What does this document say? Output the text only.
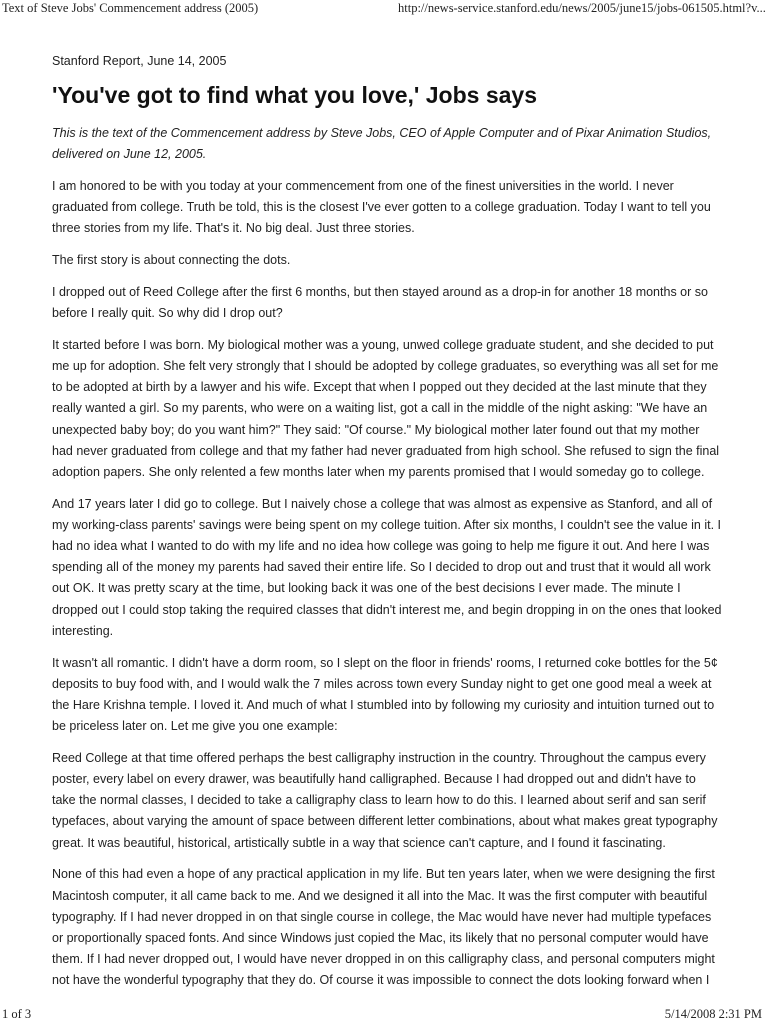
Text of Steve Jobs' Commencement address (2005)	http://news-service.stanford.edu/news/2005/june15/jobs-061505.html?v...

Stanford Report, June 14, 2005

'You've got to find what you love,' Jobs says

This is the text of the Commencement address by Steve Jobs, CEO of Apple Computer and of Pixar Animation Studios, delivered on June 12, 2005.

I am honored to be with you today at your commencement from one of the finest universities in the world. I never graduated from college. Truth be told, this is the closest I've ever gotten to a college graduation. Today I want to tell you three stories from my life. That's it. No big deal. Just three stories.

The first story is about connecting the dots.

I dropped out of Reed College after the first 6 months, but then stayed around as a drop-in for another 18 months or so before I really quit. So why did I drop out?

It started before I was born. My biological mother was a young, unwed college graduate student, and she decided to put me up for adoption. She felt very strongly that I should be adopted by college graduates, so everything was all set for me to be adopted at birth by a lawyer and his wife. Except that when I popped out they decided at the last minute that they really wanted a girl. So my parents, who were on a waiting list, got a call in the middle of the night asking: "We have an unexpected baby boy; do you want him?" They said: "Of course." My biological mother later found out that my mother had never graduated from college and that my father had never graduated from high school. She refused to sign the final adoption papers. She only relented a few months later when my parents promised that I would someday go to college.

And 17 years later I did go to college. But I naively chose a college that was almost as expensive as Stanford, and all of my working-class parents' savings were being spent on my college tuition. After six months, I couldn't see the value in it. I had no idea what I wanted to do with my life and no idea how college was going to help me figure it out. And here I was spending all of the money my parents had saved their entire life. So I decided to drop out and trust that it would all work out OK. It was pretty scary at the time, but looking back it was one of the best decisions I ever made. The minute I dropped out I could stop taking the required classes that didn't interest me, and begin dropping in on the ones that looked interesting.

It wasn't all romantic. I didn't have a dorm room, so I slept on the floor in friends' rooms, I returned coke bottles for the 5¢ deposits to buy food with, and I would walk the 7 miles across town every Sunday night to get one good meal a week at the Hare Krishna temple. I loved it. And much of what I stumbled into by following my curiosity and intuition turned out to be priceless later on. Let me give you one example:

Reed College at that time offered perhaps the best calligraphy instruction in the country. Throughout the campus every poster, every label on every drawer, was beautifully hand calligraphed. Because I had dropped out and didn't have to take the normal classes, I decided to take a calligraphy class to learn how to do this. I learned about serif and san serif typefaces, about varying the amount of space between different letter combinations, about what makes great typography great. It was beautiful, historical, artistically subtle in a way that science can't capture, and I found it fascinating.

None of this had even a hope of any practical application in my life. But ten years later, when we were designing the first Macintosh computer, it all came back to me. And we designed it all into the Mac. It was the first computer with beautiful typography. If I had never dropped in on that single course in college, the Mac would have never had multiple typefaces or proportionally spaced fonts. And since Windows just copied the Mac, its likely that no personal computer would have them. If I had never dropped out, I would have never dropped in on this calligraphy class, and personal computers might not have the wonderful typography that they do. Of course it was impossible to connect the dots looking forward when I

1 of 3	5/14/2008 2:31 PM
